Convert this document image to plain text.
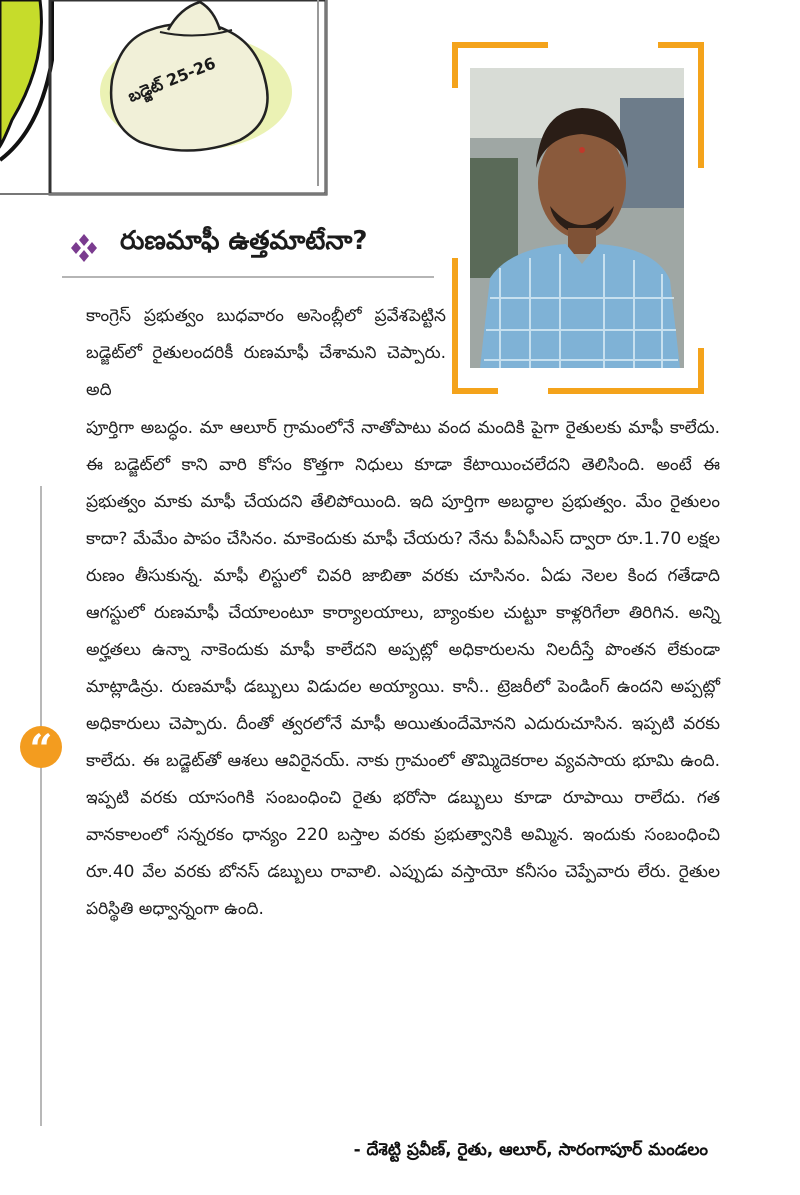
బడ్జెట్ 25-26
రుణమాఫీ ఉత్తమాటేనా?
కాంగ్రెస్ ప్రభుత్వం బుధవారం అసెంబ్లీలో ప్రవేశపెట్టిన బడ్జెట్‌లో రైతులందరికీ రుణమాఫీ చేశామని చెప్పారు. అది
పూర్తిగా అబద్ధం. మా ఆలూర్ గ్రామంలోనే నాతోపాటు వంద మందికి పైగా రైతులకు మాఫీ కాలేదు. ఈ బడ్జెట్‌లో కాని వారి కోసం కొత్తగా నిధులు కూడా కేటాయించలేదని తెలిసింది. అంటే ఈ ప్రభుత్వం మాకు మాఫీ చేయదని తేలిపోయింది. ఇది పూర్తిగా అబద్ధాల ప్రభుత్వం. మేం రైతులం కాదా? మేమేం పాపం చేసినం. మాకెందుకు మాఫీ చేయరు? నేను పీఏసీఎస్ ద్వారా రూ.1.70 లక్షల రుణం తీసుకున్న. మాఫీ లిస్టులో చివరి జాబితా వరకు చూసినం. ఏడు నెలల కింద గతేడాది ఆగస్టులో రుణమాఫీ చేయాలంటూ కార్యాలయాలు, బ్యాంకుల చుట్టూ కాళ్లరిగేలా తిరిగిన. అన్ని అర్హతలు ఉన్నా నాకెందుకు మాఫీ కాలేదని అప్పట్లో అధికారులను నిలదీస్తే పొంతన లేకుండా మాట్లాడిన్రు. రుణమాఫీ డబ్బులు విడుదల అయ్యాయి. కానీ.. ట్రెజరీలో పెండింగ్ ఉందని అప్పట్లో అధికారులు చెప్పారు. దీంతో త్వరలోనే మాఫీ అయితుందేమోనని ఎదురుచూసిన. ఇప్పటి వరకు కాలేదు. ఈ బడ్జెట్‌తో ఆశలు ఆవిరైనయ్. నాకు గ్రామంలో తొమ్మిదెకరాల వ్యవసాయ భూమి ఉంది. ఇప్పటి వరకు యాసంగికి సంబంధించి రైతు భరోసా డబ్బులు కూడా రూపాయి రాలేదు. గత వానకాలంలో సన్నరకం ధాన్యం 220 బస్తాల వరకు ప్రభుత్వానికి అమ్మిన. ఇందుకు సంబంధించి రూ.40 వేల వరకు బోనస్ డబ్బులు రావాలి. ఎప్పుడు వస్తాయో కనీసం చెప్పేవారు లేరు. రైతుల పరిస్థితి అధ్వాన్నంగా ఉంది.
“
- దేశెట్టి ప్రవీణ్, రైతు, ఆలూర్, సారంగాపూర్ మండలం
